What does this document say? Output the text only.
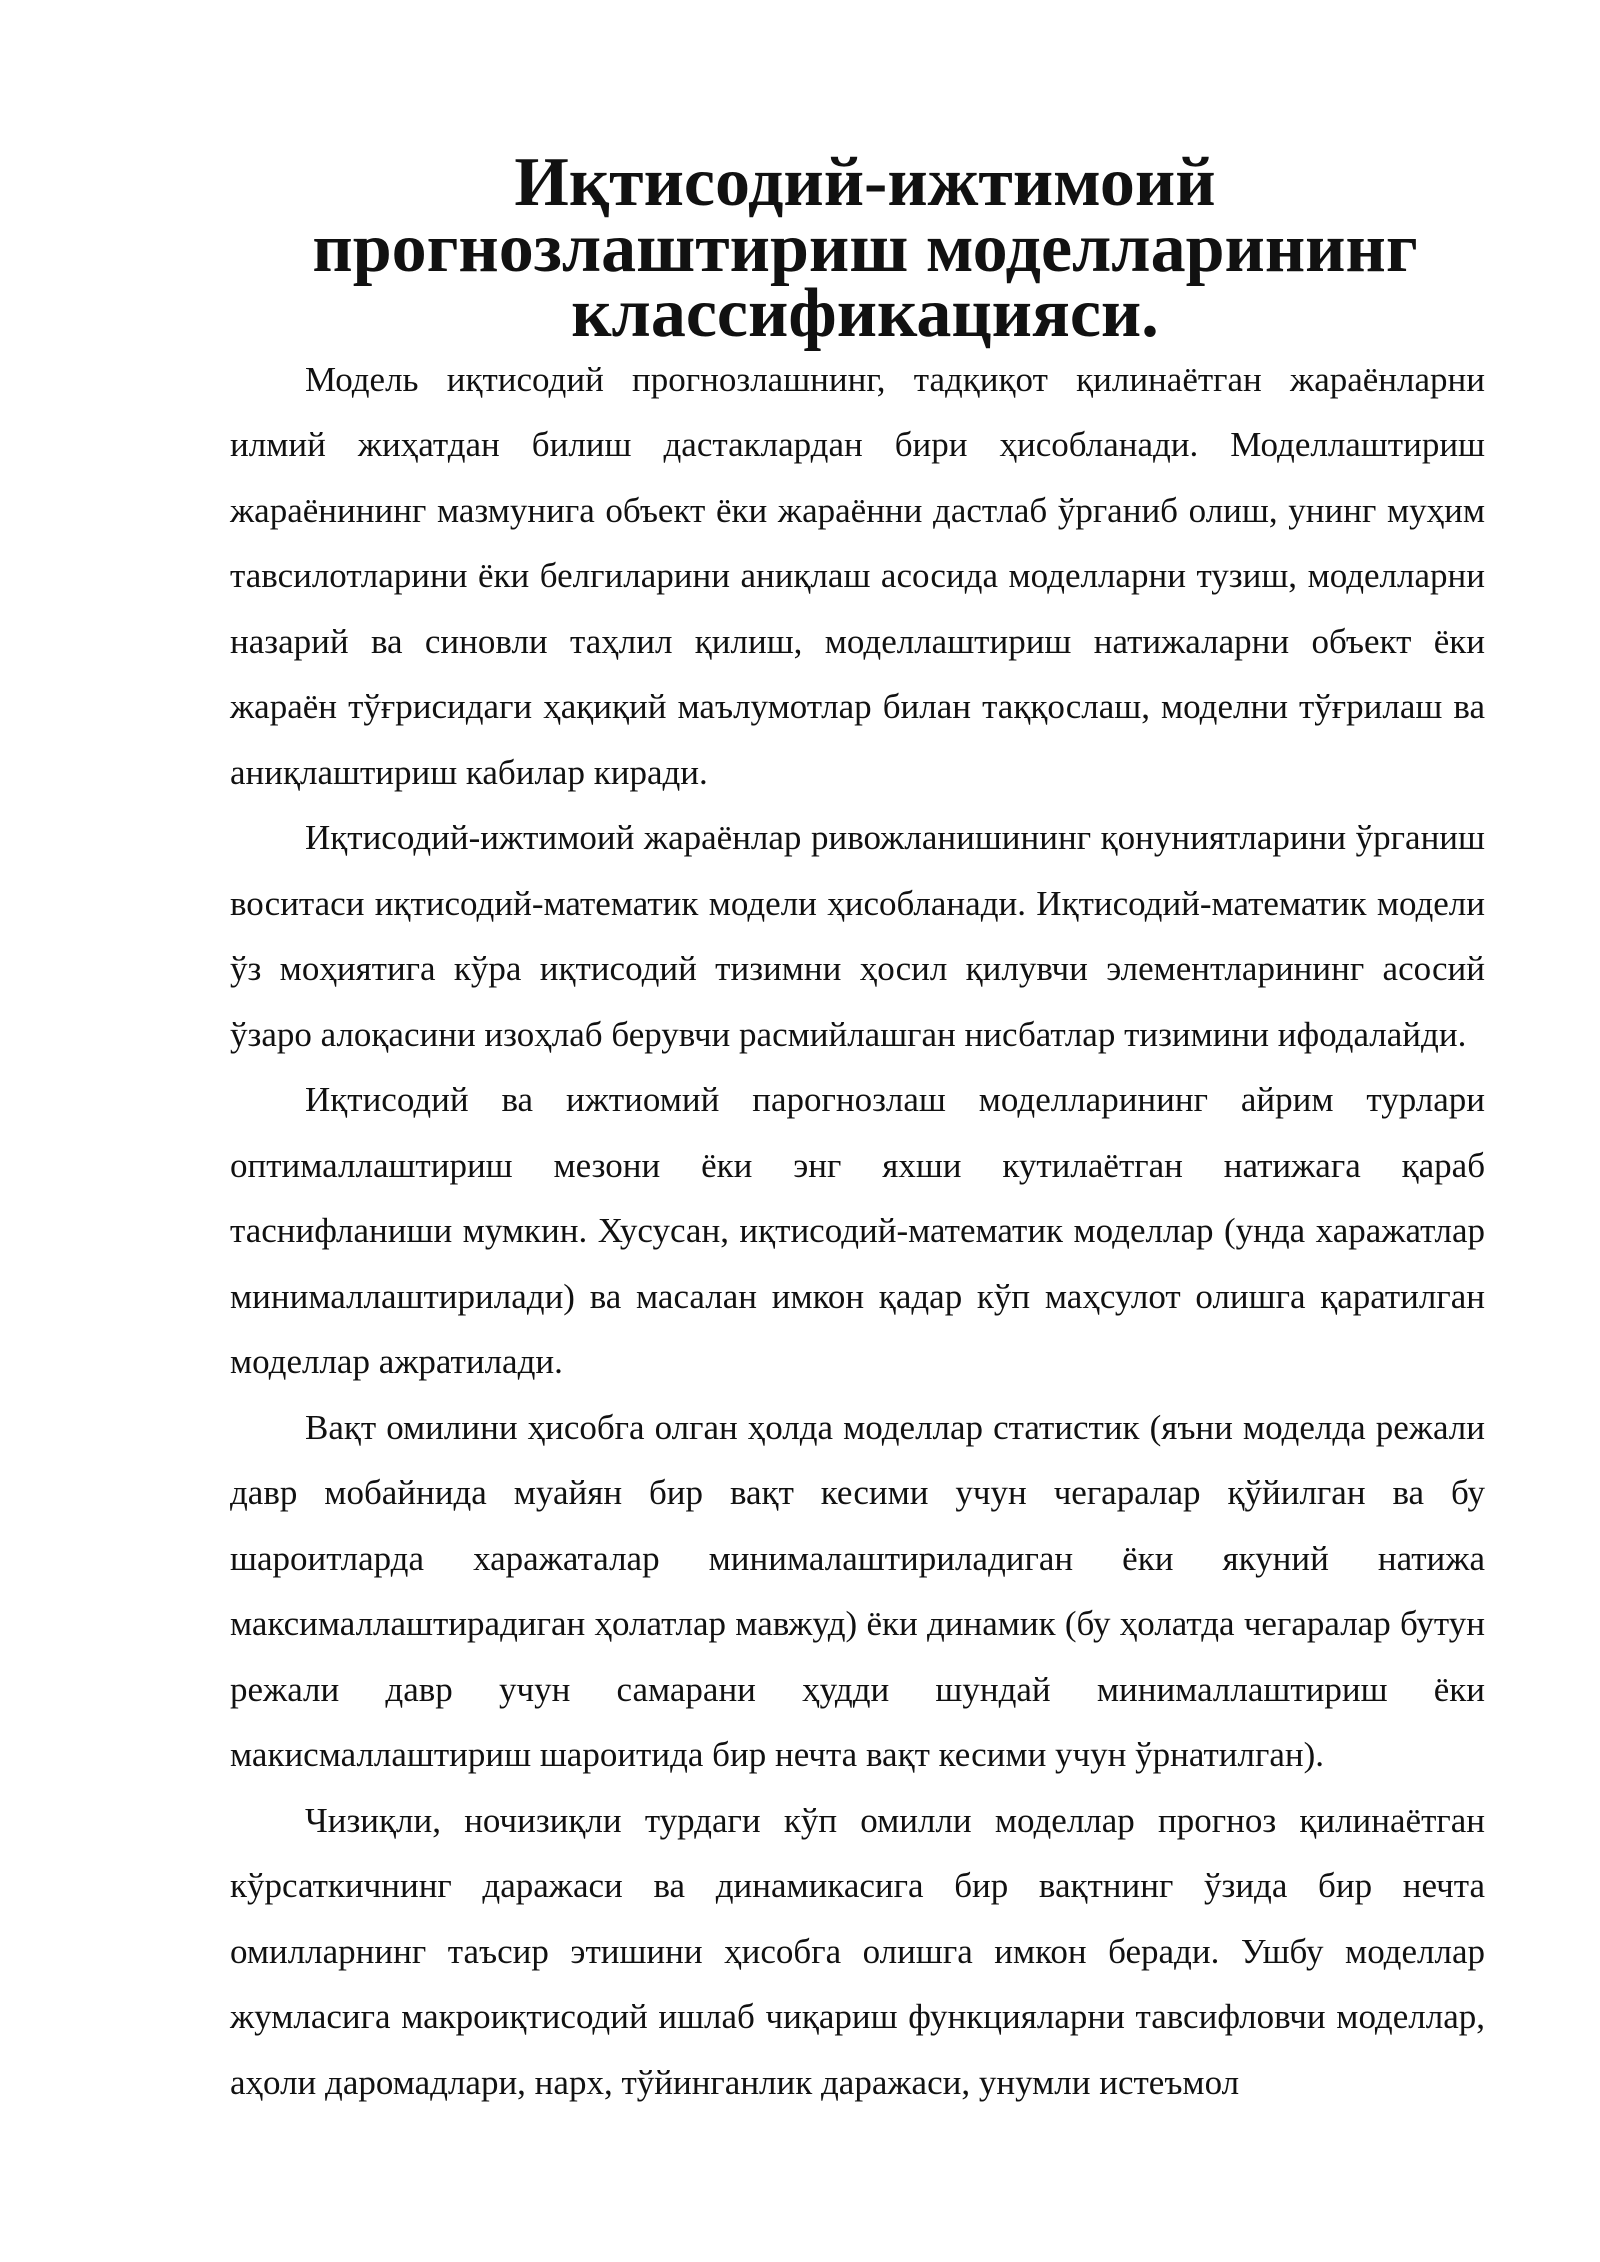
Иқтисодий-ижтимоий прогнозлаштириш моделларининг классификацияси.

Модель иқтисодий прогнозлашнинг, тадқиқот қилинаётган жараёнларни илмий жиҳатдан билиш дастаклардан бири ҳисобланади. Моделлаштириш жараёнининг мазмунига объект ёки жараённи дастлаб ўрганиб олиш, унинг муҳим тавсилотларини ёки белгиларини аниқлаш асосида моделларни тузиш, моделларни назарий ва синовли таҳлил қилиш, моделлаштириш натижаларни объект ёки жараён тўғрисидаги ҳақиқий маълумотлар билан таққослаш, моделни тўғрилаш ва аниқлаштириш кабилар киради.

Иқтисодий-ижтимоий жараёнлар ривожланишининг қонуниятларини ўрганиш воситаси иқтисодий-математик модели ҳисобланади. Иқтисодий-математик модели ўз моҳиятига кўра иқтисодий тизимни ҳосил қилувчи элементларининг асосий ўзаро алоқасини изоҳлаб берувчи расмийлашган нисбатлар тизимини ифодалайди.

Иқтисодий ва ижтиомий парогнозлаш моделларининг айрим турлари оптималлаштириш мезони ёки энг яхши кутилаётган натижага қараб таснифланиши мумкин. Хусусан, иқтисодий-математик моделлар (унда харажатлар минималлаштирилади) ва масалан имкон қадар кўп маҳсулот олишга қаратилган моделлар ажратилади.

Вақт омилини ҳисобга олган ҳолда моделлар статистик (яъни моделда режали давр мобайнида муайян бир вақт кесими учун чегаралар қўйилган ва бу шароитларда харажаталар минималаштириладиган ёки якуний натижа максималлаштирадиган ҳолатлар мавжуд) ёки динамик (бу ҳолатда чегаралар бутун режали давр учун самарани ҳудди шундай минималлаштириш ёки макисмаллаштириш шароитида бир нечта вақт кесими учун ўрнатилган).

Чизиқли, ночизиқли турдаги кўп омилли моделлар прогноз қилинаётган кўрсаткичнинг даражаси ва динамикасига бир вақтнинг ўзида бир нечта омилларнинг таъсир этишини ҳисобга олишга имкон беради. Ушбу моделлар жумласига макроиқтисодий ишлаб чиқариш функцияларни тавсифловчи моделлар, аҳоли даромадлари, нарх, тўйинганлик даражаси, унумли истеъмол
